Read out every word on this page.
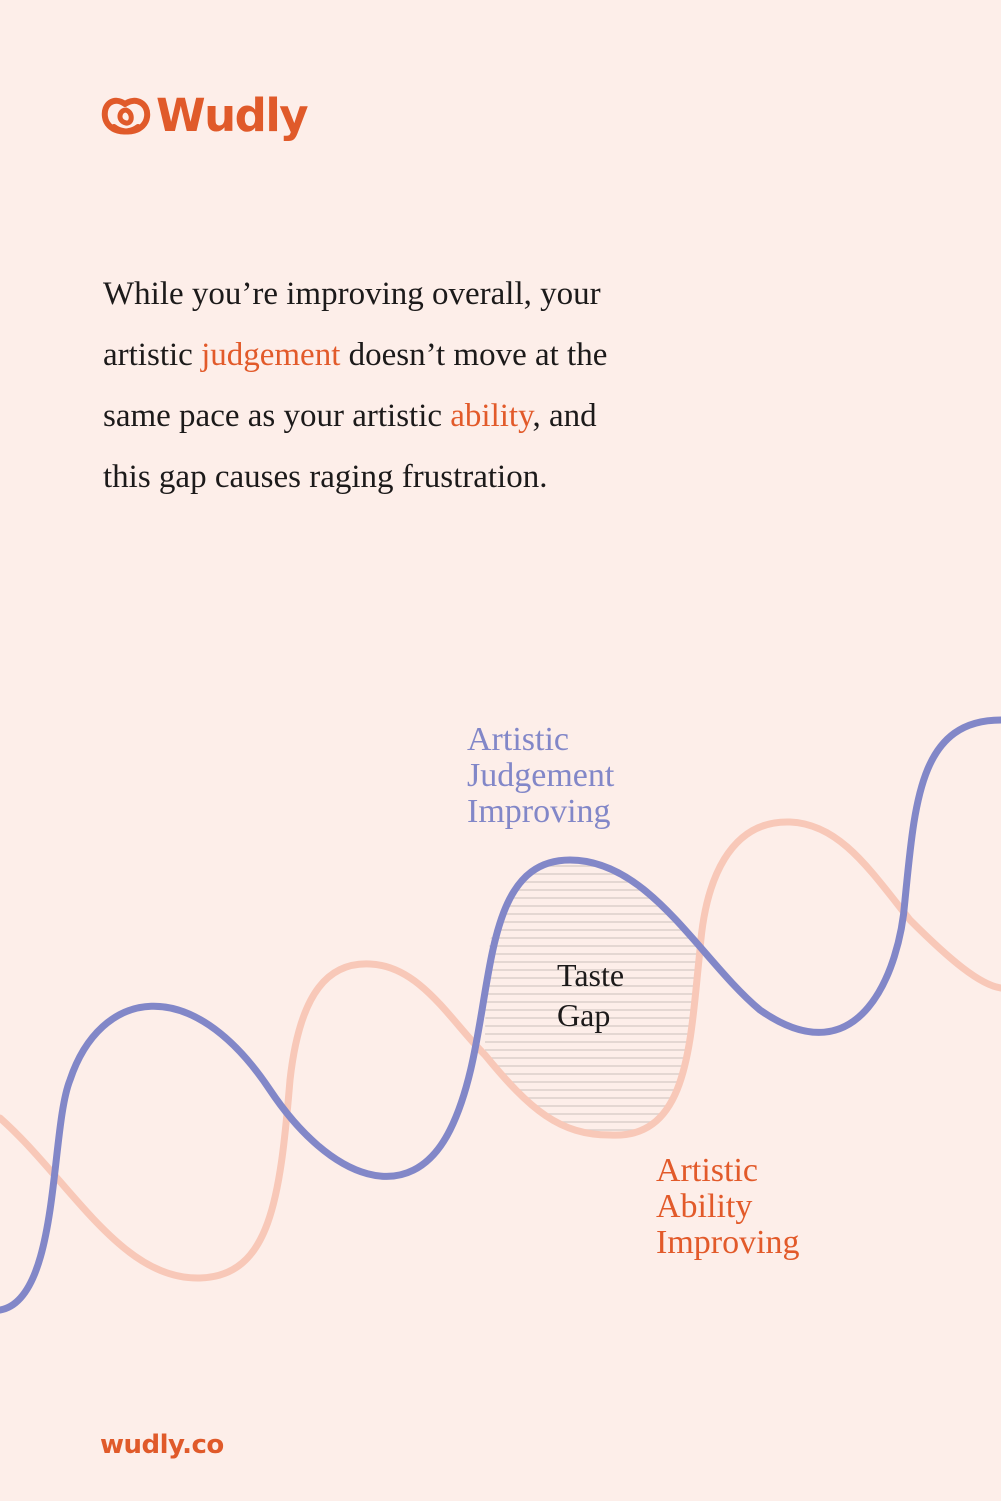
Wudly

While you’re improving overall, your artistic judgement doesn’t move at the same pace as your artistic ability, and this gap causes raging frustration.

Artistic
Judgement
Improving

Taste
Gap

Artistic
Ability
Improving

wudly.co
